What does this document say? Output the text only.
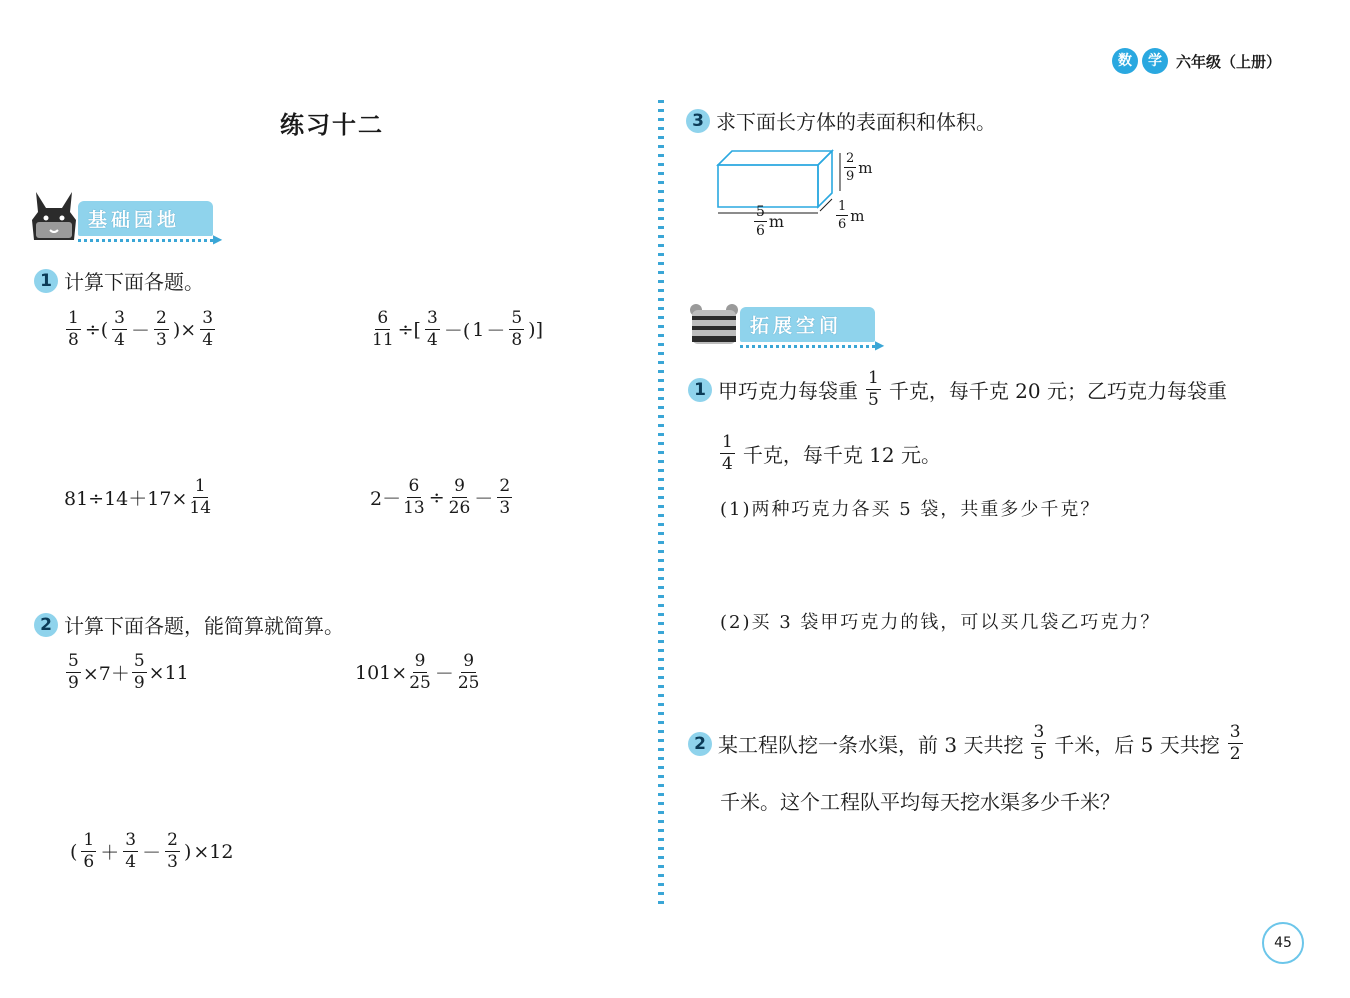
数	学 六年级（上册）
练习十二
基础园地
▶
1 计算下面各题。
$\frac{1}{8}$ ÷( $\frac{3}{4} - \frac{2}{3}$ )× $\frac{3}{4}$	$\frac{6}{11}$ ÷[ $\frac{3}{4}$ －( $1 - \frac{5}{8}$ )]
$81\div 14+17\times \frac{1}{14}$	$2- \frac{6}{13} \div \frac{9}{26} - \frac{2}{3}$
2 计算下面各题，能简算就简算。
$\frac{5}{9} \times 7+ \frac{5}{9} \times 11$	$101\times \frac{9}{25} - \frac{9}{25}$
( $\frac{1}{6} + \frac{3}{4} - \frac{2}{3}$ ) ×12
3 求下面长方体的表面积和体积。
$\frac{5}{6}$ m
$\frac{2}{9}$ m
$\frac{1}{6}$ m
拓展空间
▶
1 甲巧克力每袋重 $\frac{1}{5}$ 千克，每千克 20 元；乙巧克力每袋重
$\frac{1}{4}$ 千克，每千克 12 元。
(1)两种巧克力各买 5 袋，共重多少千克？
(2)买 3 袋甲巧克力的钱，可以买几袋乙巧克力？
2 某工程队挖一条水渠，前 3 天共挖 $\frac{3}{5}$ 千米，后 5 天共挖 $\frac{3}{2}$
千米。这个工程队平均每天挖水渠多少千米？
45
